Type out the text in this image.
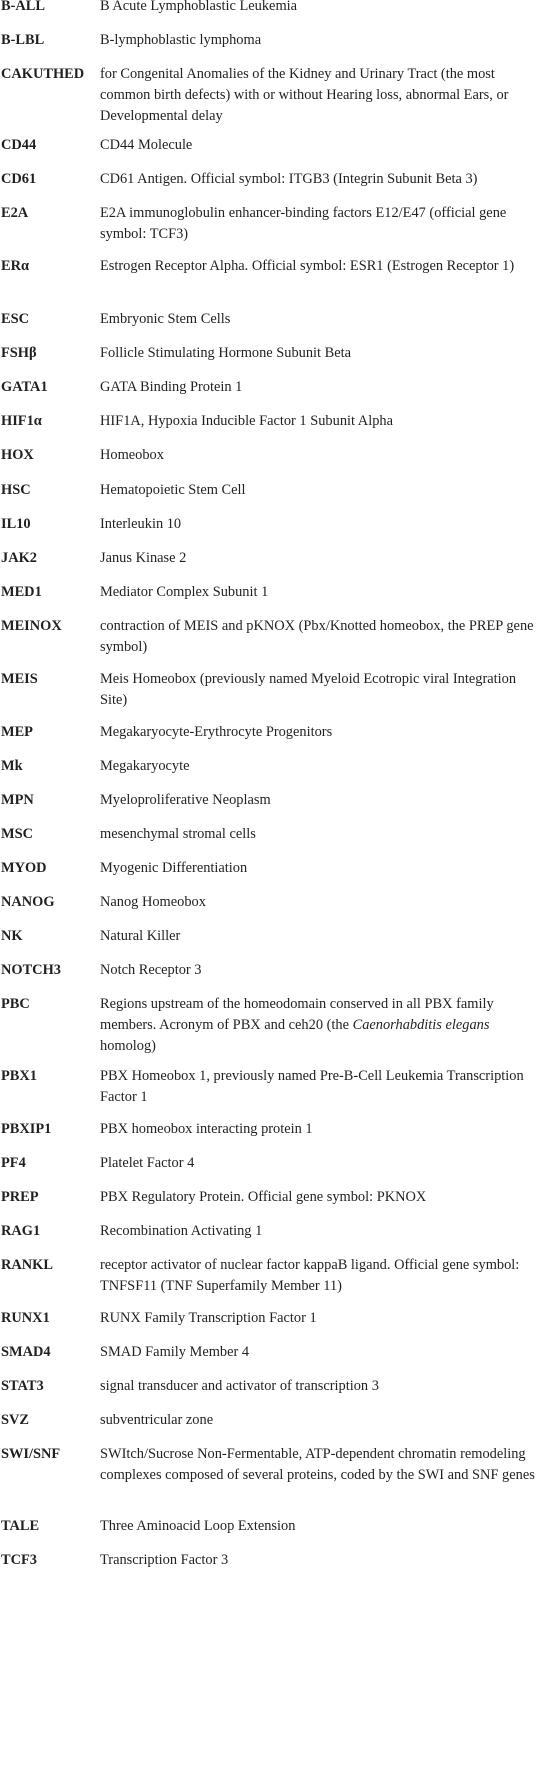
B-ALL	B Acute Lymphoblastic Leukemia
B-LBL	B-lymphoblastic lymphoma
CAKUTHED	for Congenital Anomalies of the Kidney and Urinary Tract (the most common birth defects) with or without Hearing loss, abnormal Ears, or Developmental delay
CD44	CD44 Molecule
CD61	CD61 Antigen. Official symbol: ITGB3 (Integrin Subunit Beta 3)
E2A	E2A immunoglobulin enhancer-binding factors E12/E47 (official gene symbol: TCF3)
ERα	Estrogen Receptor Alpha. Official symbol: ESR1 (Estrogen Receptor 1)
ESC	Embryonic Stem Cells
FSHβ	Follicle Stimulating Hormone Subunit Beta
GATA1	GATA Binding Protein 1
HIF1α	HIF1A, Hypoxia Inducible Factor 1 Subunit Alpha
HOX	Homeobox
HSC	Hematopoietic Stem Cell
IL10	Interleukin 10
JAK2	Janus Kinase 2
MED1	Mediator Complex Subunit 1
MEINOX	contraction of MEIS and pKNOX (Pbx/Knotted homeobox, the PREP gene symbol)
MEIS	Meis Homeobox (previously named Myeloid Ecotropic viral Integration Site)
MEP	Megakaryocyte-Erythrocyte Progenitors
Mk	Megakaryocyte
MPN	Myeloproliferative Neoplasm
MSC	mesenchymal stromal cells
MYOD	Myogenic Differentiation
NANOG	Nanog Homeobox
NK	Natural Killer
NOTCH3	Notch Receptor 3
PBC	Regions upstream of the homeodomain conserved in all PBX family members. Acronym of PBX and ceh20 (the Caenorhabditis elegans homolog)
PBX1	PBX Homeobox 1, previously named Pre-B-Cell Leukemia Transcription Factor 1
PBXIP1	PBX homeobox interacting protein 1
PF4	Platelet Factor 4
PREP	PBX Regulatory Protein. Official gene symbol: PKNOX
RAG1	Recombination Activating 1
RANKL	receptor activator of nuclear factor kappaB ligand. Official gene symbol: TNFSF11 (TNF Superfamily Member 11)
RUNX1	RUNX Family Transcription Factor 1
SMAD4	SMAD Family Member 4
STAT3	signal transducer and activator of transcription 3
SVZ	subventricular zone
SWI/SNF	SWItch/Sucrose Non-Fermentable, ATP-dependent chromatin remodeling complexes composed of several proteins, coded by the SWI and SNF genes
TALE	Three Aminoacid Loop Extension
TCF3	Transcription Factor 3
